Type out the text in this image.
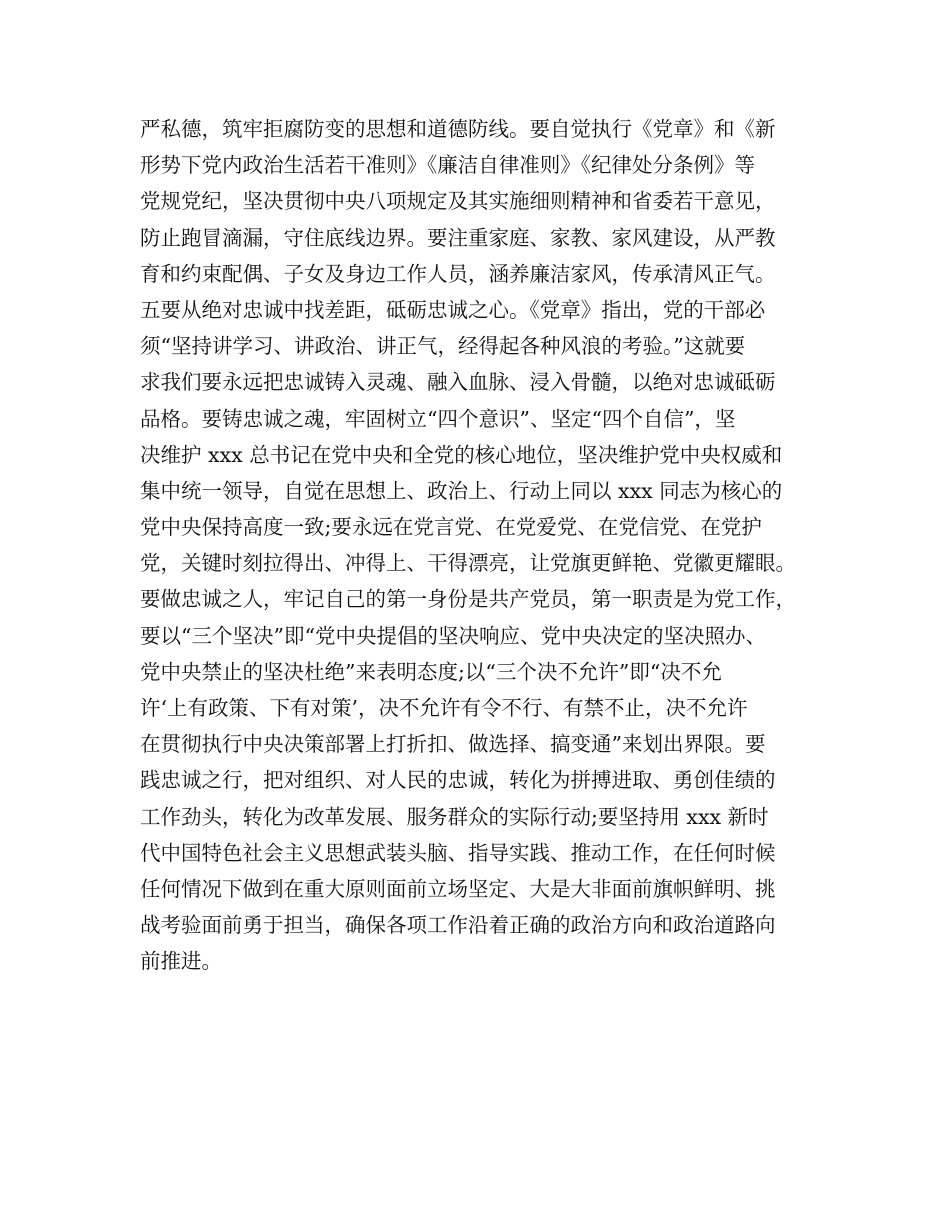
严私德，筑牢拒腐防变的思想和道德防线。要自觉执行《党章》和《新
形势下党内政治生活若干准则》《廉洁自律准则》《纪律处分条例》等
党规党纪，坚决贯彻中央八项规定及其实施细则精神和省委若干意见，
防止跑冒滴漏，守住底线边界。要注重家庭、家教、家风建设，从严教
育和约束配偶、子女及身边工作人员，涵养廉洁家风，传承清风正气。
五要从绝对忠诚中找差距，砥砺忠诚之心。《党章》指出，党的干部必
须“坚持讲学习、讲政治、讲正气，经得起各种风浪的考验。”这就要
求我们要永远把忠诚铸入灵魂、融入血脉、浸入骨髓，以绝对忠诚砥砺
品格。要铸忠诚之魂，牢固树立“四个意识”、坚定“四个自信”，坚
决维护 xxx 总书记在党中央和全党的核心地位，坚决维护党中央权威和
集中统一领导，自觉在思想上、政治上、行动上同以 xxx 同志为核心的
党中央保持高度一致;要永远在党言党、在党爱党、在党信党、在党护
党，关键时刻拉得出、冲得上、干得漂亮，让党旗更鲜艳、党徽更耀眼。
要做忠诚之人，牢记自己的第一身份是共产党员，第一职责是为党工作，
要以“三个坚决”即“党中央提倡的坚决响应、党中央决定的坚决照办、
党中央禁止的坚决杜绝”来表明态度;以“三个决不允许”即“决不允
许‘上有政策、下有对策’，决不允许有令不行、有禁不止，决不允许
在贯彻执行中央决策部署上打折扣、做选择、搞变通”来划出界限。要
践忠诚之行，把对组织、对人民的忠诚，转化为拼搏进取、勇创佳绩的
工作劲头，转化为改革发展、服务群众的实际行动;要坚持用 xxx 新时
代中国特色社会主义思想武装头脑、指导实践、推动工作，在任何时候
任何情况下做到在重大原则面前立场坚定、大是大非面前旗帜鲜明、挑
战考验面前勇于担当，确保各项工作沿着正确的政治方向和政治道路向
前推进。
